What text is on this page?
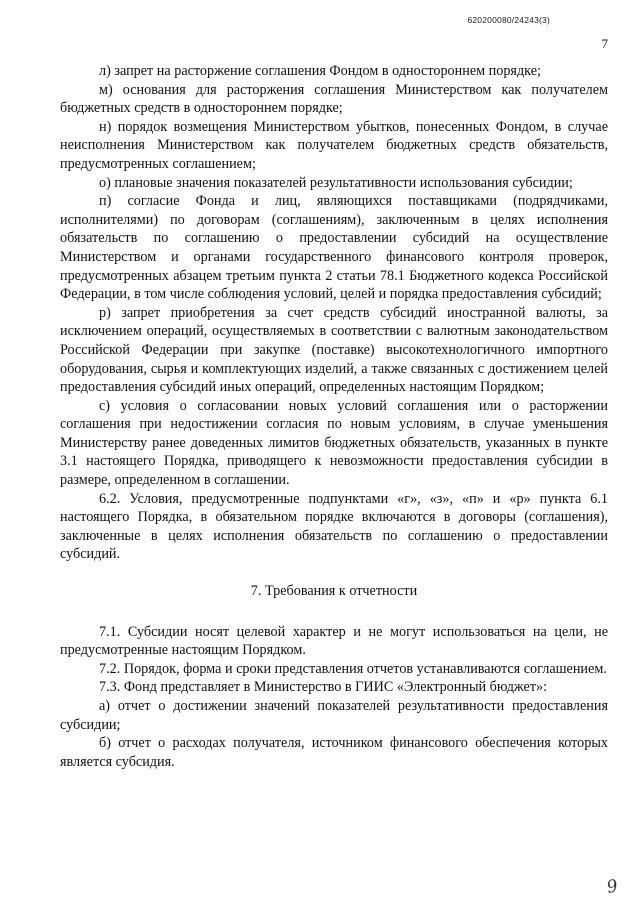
620200080/24243(3)
7

л) запрет на расторжение соглашения Фондом в одностороннем порядке;

м) основания для расторжения соглашения Министерством как получателем бюджетных средств в одностороннем порядке;

н) порядок возмещения Министерством убытков, понесенных Фондом, в случае неисполнения Министерством как получателем бюджетных средств обязательств, предусмотренных соглашением;

о) плановые значения показателей результативности использования субсидии;

п) согласие Фонда и лиц, являющихся поставщиками (подрядчиками, исполнителями) по договорам (соглашениям), заключенным в целях исполнения обязательств по соглашению о предоставлении субсидий на осуществление Министерством и органами государственного финансового контроля проверок, предусмотренных абзацем третьим пункта 2 статьи 78.1 Бюджетного кодекса Российской Федерации, в том числе соблюдения условий, целей и порядка предоставления субсидий;

р) запрет приобретения за счет средств субсидий иностранной валюты, за исключением операций, осуществляемых в соответствии с валютным законодательством Российской Федерации при закупке (поставке) высокотехнологичного импортного оборудования, сырья и комплектующих изделий, а также связанных с достижением целей предоставления субсидий иных операций, определенных настоящим Порядком;

с) условия о согласовании новых условий соглашения или о расторжении соглашения при недостижении согласия по новым условиям, в случае уменьшения Министерству ранее доведенных лимитов бюджетных обязательств, указанных в пункте 3.1 настоящего Порядка, приводящего к невозможности предоставления субсидии в размере, определенном в соглашении.

6.2. Условия, предусмотренные подпунктами «г», «з», «п» и «р» пункта 6.1 настоящего Порядка, в обязательном порядке включаются в договоры (соглашения), заключенные в целях исполнения обязательств по соглашению о предоставлении субсидий.

7. Требования к отчетности

7.1. Субсидии носят целевой характер и не могут использоваться на цели, не предусмотренные настоящим Порядком.

7.2. Порядок, форма и сроки представления отчетов устанавливаются соглашением.

7.3. Фонд представляет в Министерство в ГИИС «Электронный бюджет»:

а) отчет о достижении значений показателей результативности предоставления субсидии;

б) отчет о расходах получателя, источником финансового обеспечения которых является субсидия.

9
